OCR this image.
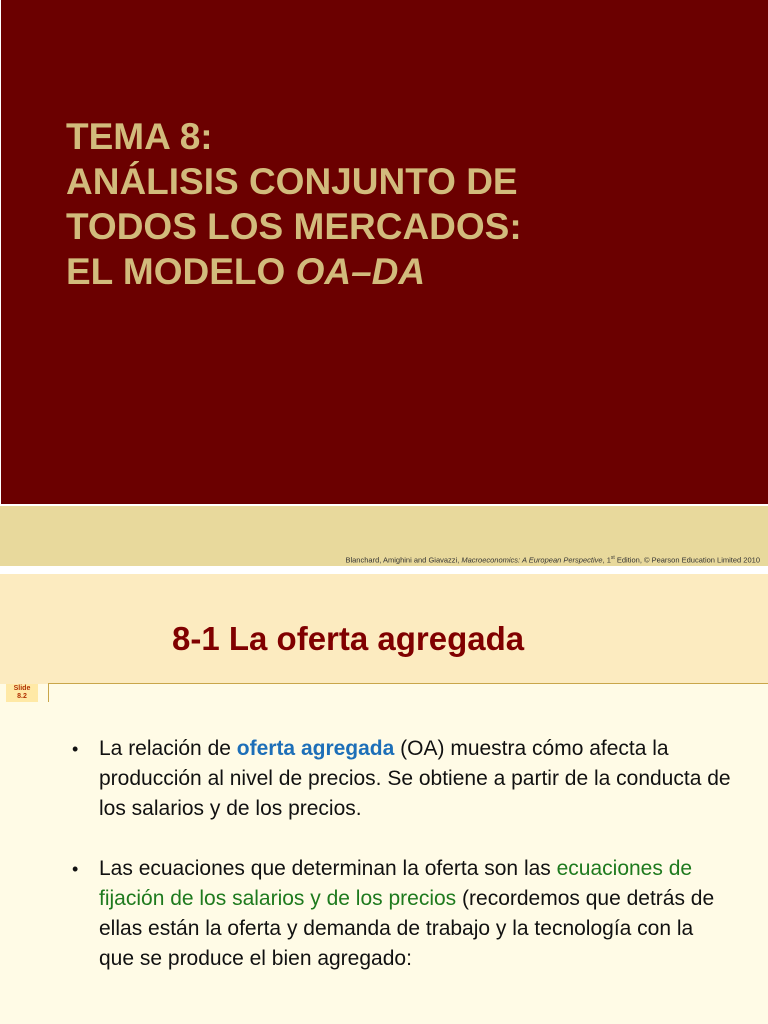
TEMA 8:
ANÁLISIS CONJUNTO DE
TODOS LOS MERCADOS:
EL MODELO OA–DA
Blanchard, Amighini and Giavazzi, Macroeconomics: A European Perspective, 1st Edition, © Pearson Education Limited 2010
8-1 La oferta agregada
Slide
8.2
• La relación de oferta agregada (OA) muestra cómo afecta la producción al nivel de precios. Se obtiene a partir de la conducta de los salarios y de los precios.
• Las ecuaciones que determinan la oferta son las ecuaciones de fijación de los salarios y de los precios (recordemos que detrás de ellas están la oferta y demanda de trabajo y la tecnología con la que se produce el bien agregado:
